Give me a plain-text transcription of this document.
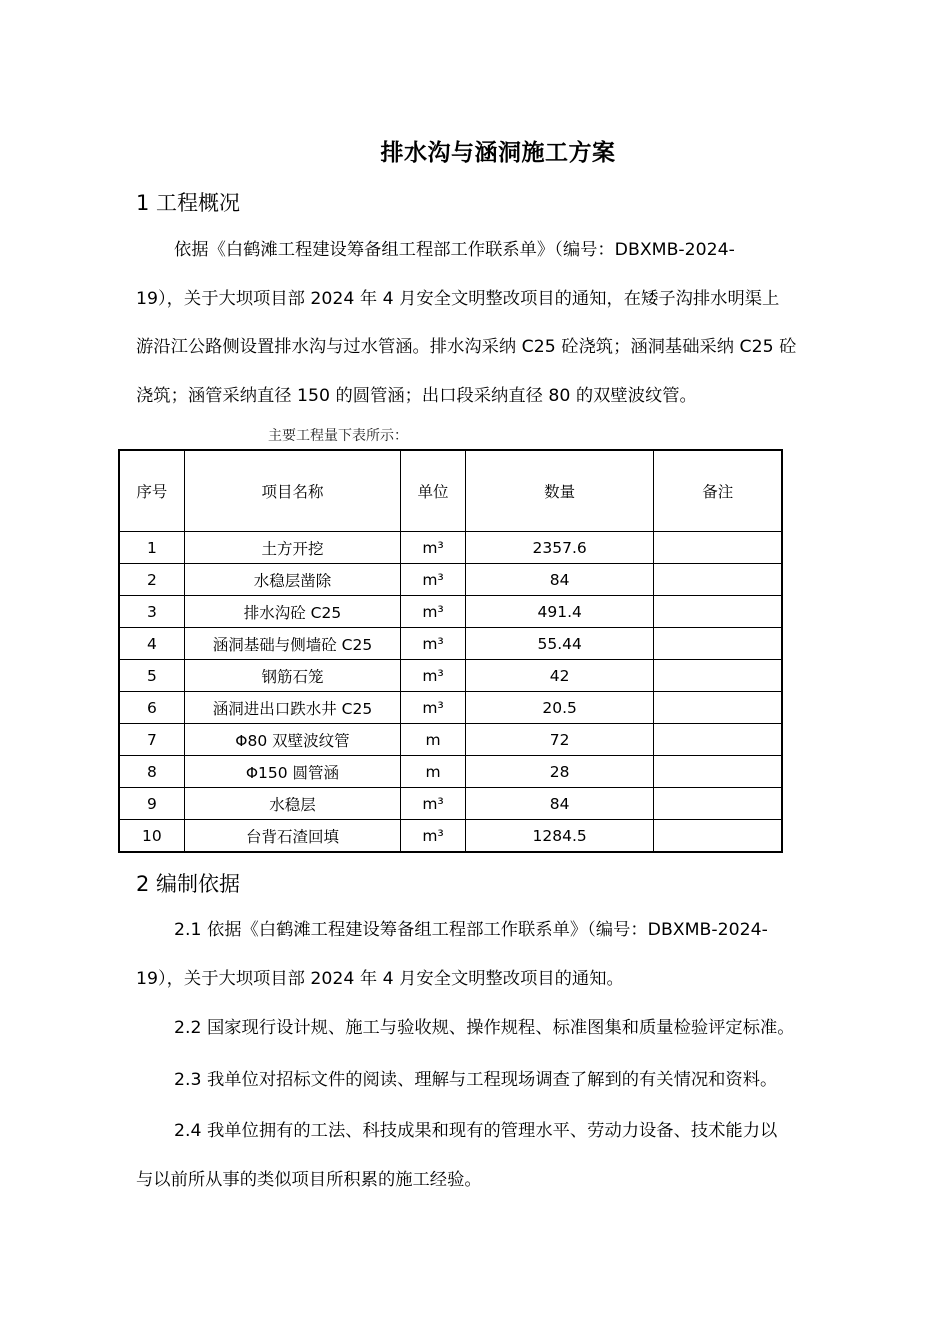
排水沟与涵洞施工方案
1 工程概况
依据《白鹤滩工程建设筹备组工程部工作联系单》（编号：DBXMB-2024-
19），关于大坝项目部 2024 年 4 月安全文明整改项目的通知，在矮子沟排水明渠上
游沿江公路侧设置排水沟与过水管涵。排水沟采纳 C25 砼浇筑；涵洞基础采纳 C25 砼
浇筑；涵管采纳直径 150 的圆管涵；出口段采纳直径 80 的双壁波纹管。
主要工程量下表所示：
序号	项目名称	单位	数量	备注
1	土方开挖	m³	2357.6	
2	水稳层凿除	m³	84	
3	排水沟砼 C25	m³	491.4	
4	涵洞基础与侧墙砼 C25	m³	55.44	
5	钢筋石笼	m³	42	
6	涵洞进出口跌水井 C25	m³	20.5	
7	Φ80 双壁波纹管	m	72	
8	Φ150 圆管涵	m	28	
9	水稳层	m³	84	
10	台背石渣回填	m³	1284.5	
2 编制依据
2.1 依据《白鹤滩工程建设筹备组工程部工作联系单》（编号：DBXMB-2024-
19），关于大坝项目部 2024 年 4 月安全文明整改项目的通知。
2.2 国家现行设计规、施工与验收规、操作规程、标准图集和质量检验评定标准。
2.3 我单位对招标文件的阅读、理解与工程现场调查了解到的有关情况和资料。
2.4 我单位拥有的工法、科技成果和现有的管理水平、劳动力设备、技术能力以
与以前所从事的类似项目所积累的施工经验。
